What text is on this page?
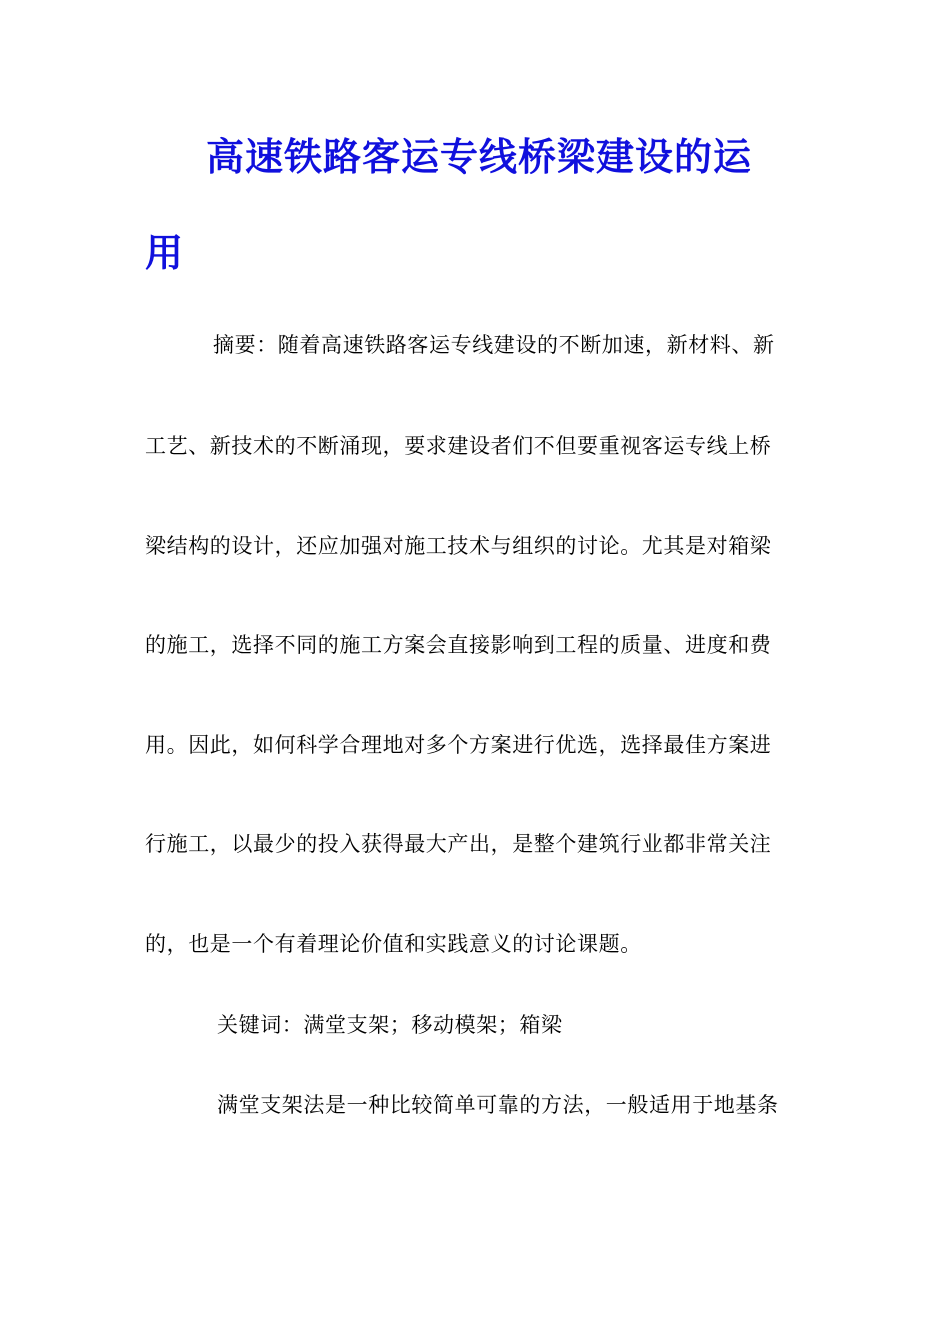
高速铁路客运专线桥梁建设的运
用
摘要：随着高速铁路客运专线建设的不断加速，新材料、新
工艺、新技术的不断涌现，要求建设者们不但要重视客运专线上桥
梁结构的设计，还应加强对施工技术与组织的讨论。尤其是对箱梁
的施工，选择不同的施工方案会直接影响到工程的质量、进度和费
用。因此，如何科学合理地对多个方案进行优选，选择最佳方案进
行施工，以最少的投入获得最大产出，是整个建筑行业都非常关注
的，也是一个有着理论价值和实践意义的讨论课题。
关键词：满堂支架；移动模架；箱梁
满堂支架法是一种比较简单可靠的方法，一般适用于地基条
